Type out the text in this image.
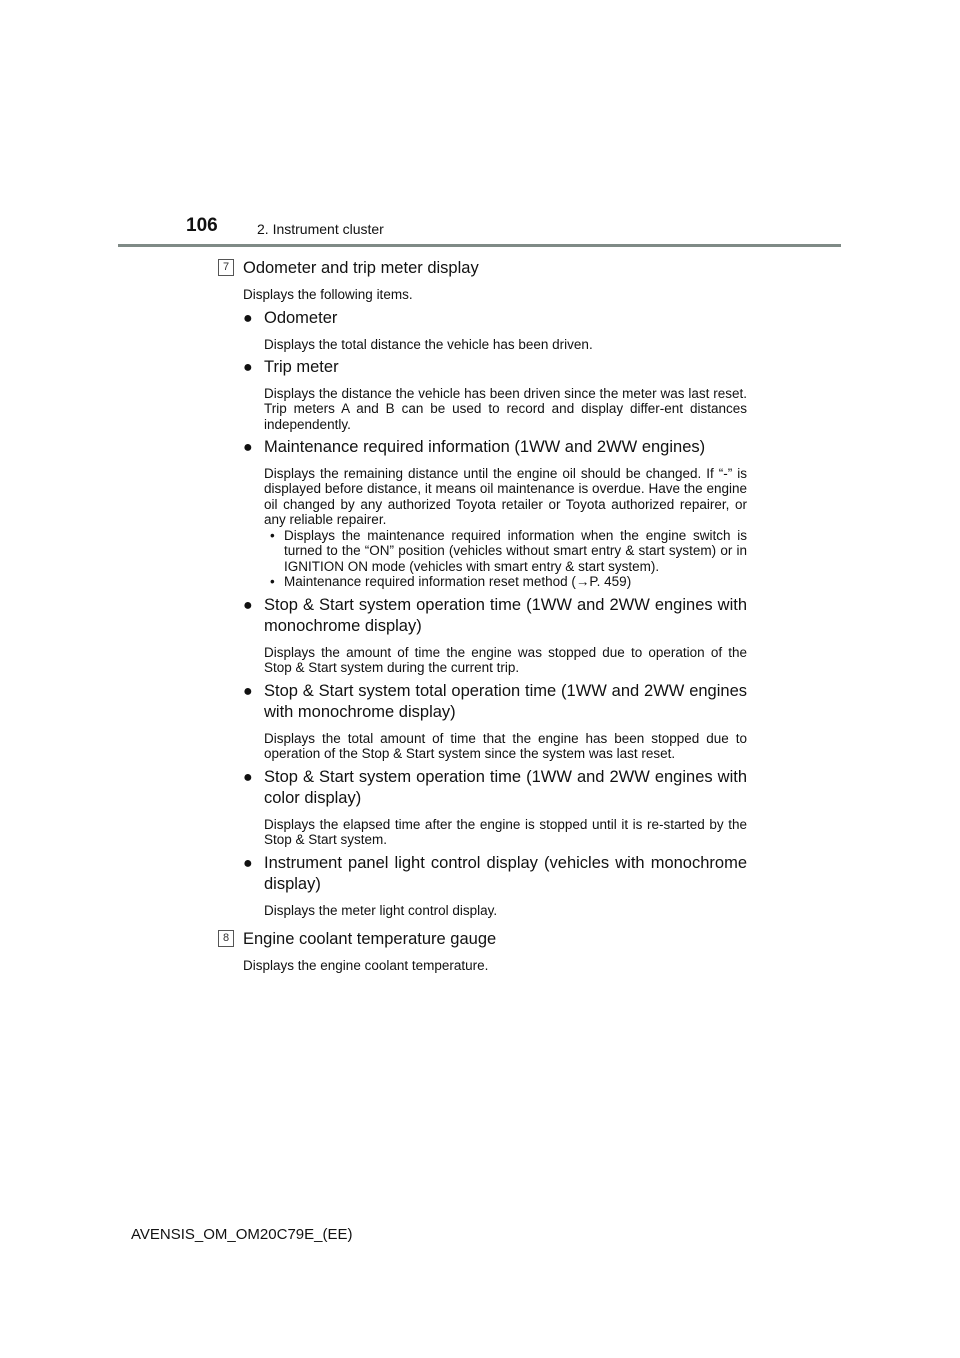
106	2. Instrument cluster
7 Odometer and trip meter display
Displays the following items.
● Odometer
Displays the total distance the vehicle has been driven.
● Trip meter
Displays the distance the vehicle has been driven since the meter was last reset. Trip meters A and B can be used to record and display differ-ent distances independently.
● Maintenance required information (1WW and 2WW engines)
Displays the remaining distance until the engine oil should be changed. If “-” is displayed before distance, it means oil maintenance is overdue. Have the engine oil changed by any authorized Toyota retailer or Toyota authorized repairer, or any reliable repairer.
• Displays the maintenance required information when the engine switch is turned to the “ON” position (vehicles without smart entry & start system) or in IGNITION ON mode (vehicles with smart entry & start system).
• Maintenance required information reset method (→P. 459)
● Stop & Start system operation time (1WW and 2WW engines with monochrome display)
Displays the amount of time the engine was stopped due to operation of the Stop & Start system during the current trip.
● Stop & Start system total operation time (1WW and 2WW engines with monochrome display)
Displays the total amount of time that the engine has been stopped due to operation of the Stop & Start system since the system was last reset.
● Stop & Start system operation time (1WW and 2WW engines with color display)
Displays the elapsed time after the engine is stopped until it is re-started by the Stop & Start system.
● Instrument panel light control display (vehicles with monochrome display)
Displays the meter light control display.
8 Engine coolant temperature gauge
Displays the engine coolant temperature.
AVENSIS_OM_OM20C79E_(EE)
